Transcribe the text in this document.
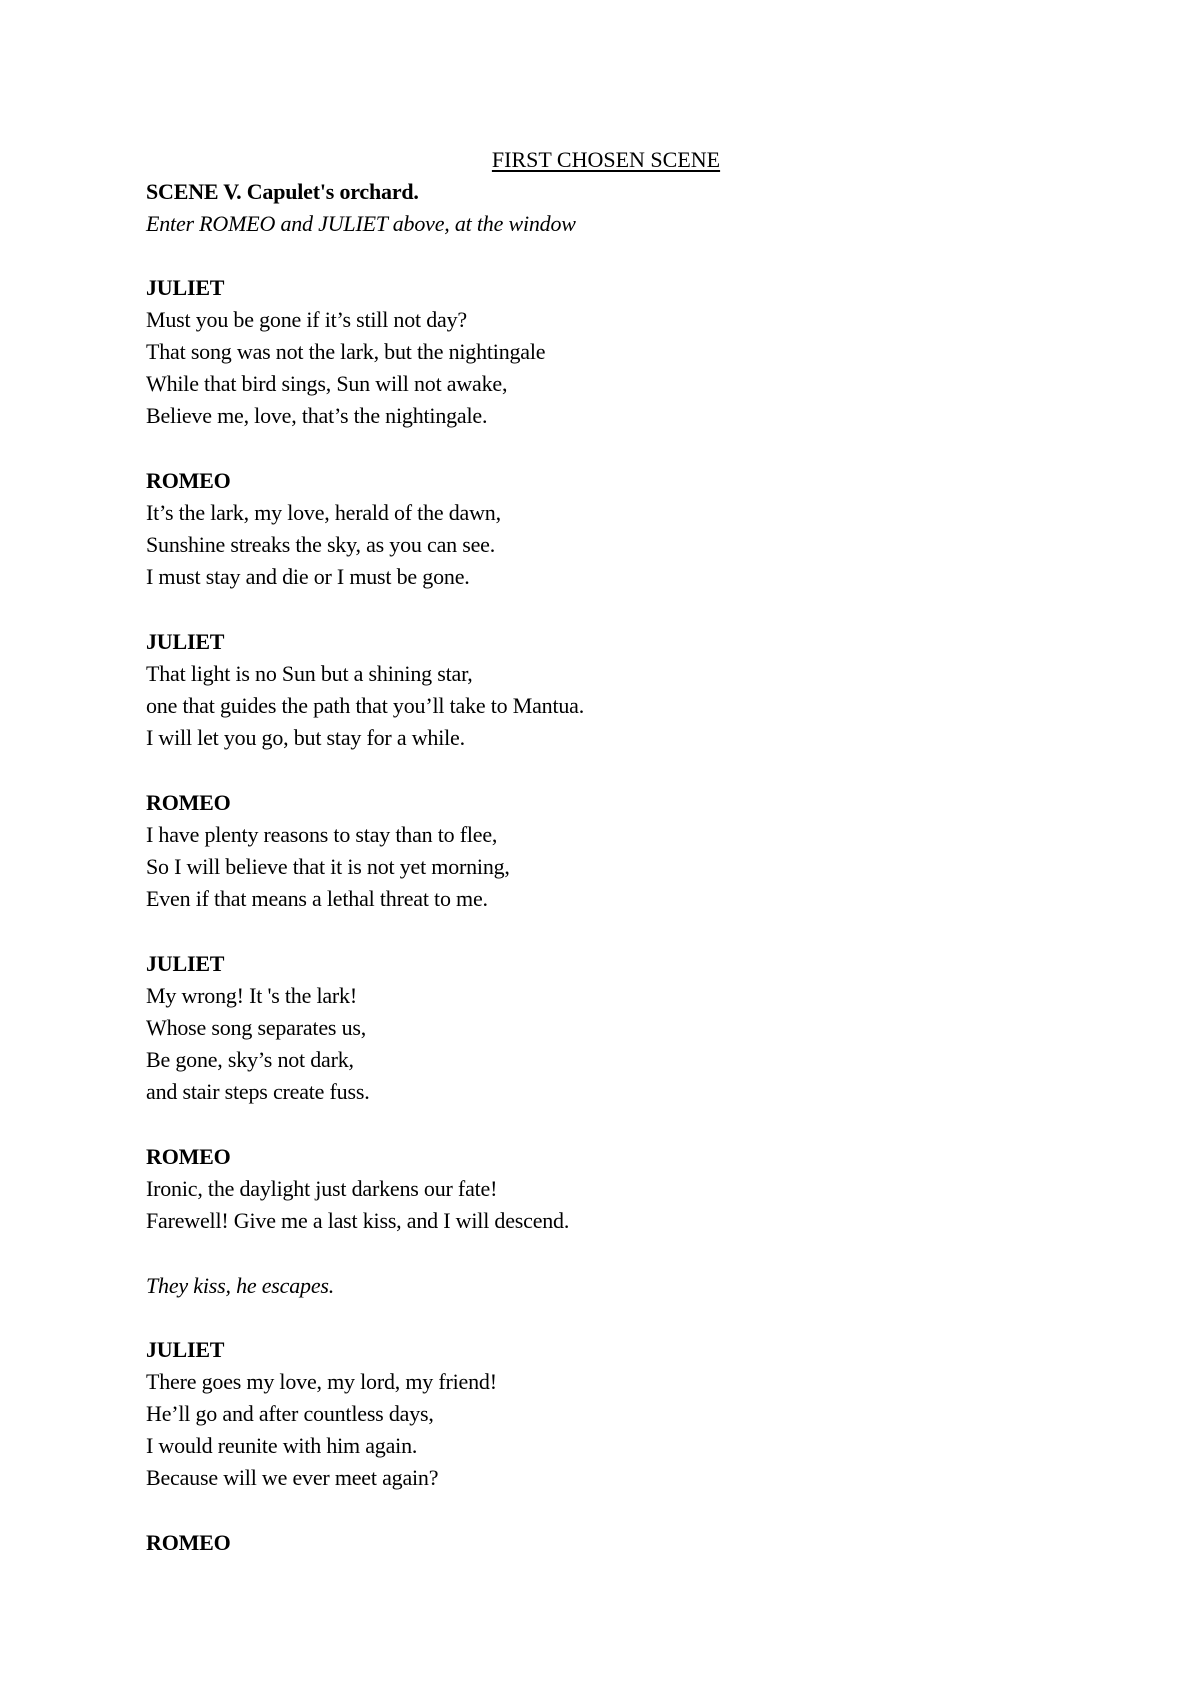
FIRST CHOSEN SCENE
SCENE V. Capulet's orchard.
Enter ROMEO and JULIET above, at the window
JULIET
Must you be gone if it’s still not day?
That song was not the lark, but the nightingale
While that bird sings, Sun will not awake,
Believe me, love, that’s the nightingale.
ROMEO
It’s the lark, my love, herald of the dawn,
Sunshine streaks the sky, as you can see.
I must stay and die or I must be gone.
JULIET
That light is no Sun but a shining star,
one that guides the path that you’ll take to Mantua.
I will let you go, but stay for a while.
ROMEO
I have plenty reasons to stay than to flee,
So I will believe that it is not yet morning,
Even if that means a lethal threat to me.
JULIET
My wrong! It 's the lark!
Whose song separates us,
Be gone, sky’s not dark,
and stair steps create fuss.
ROMEO
Ironic, the daylight just darkens our fate!
Farewell! Give me a last kiss, and I will descend.
They kiss, he escapes.
JULIET
There goes my love, my lord, my friend!
He’ll go and after countless days,
I would reunite with him again.
Because will we ever meet again?
ROMEO
